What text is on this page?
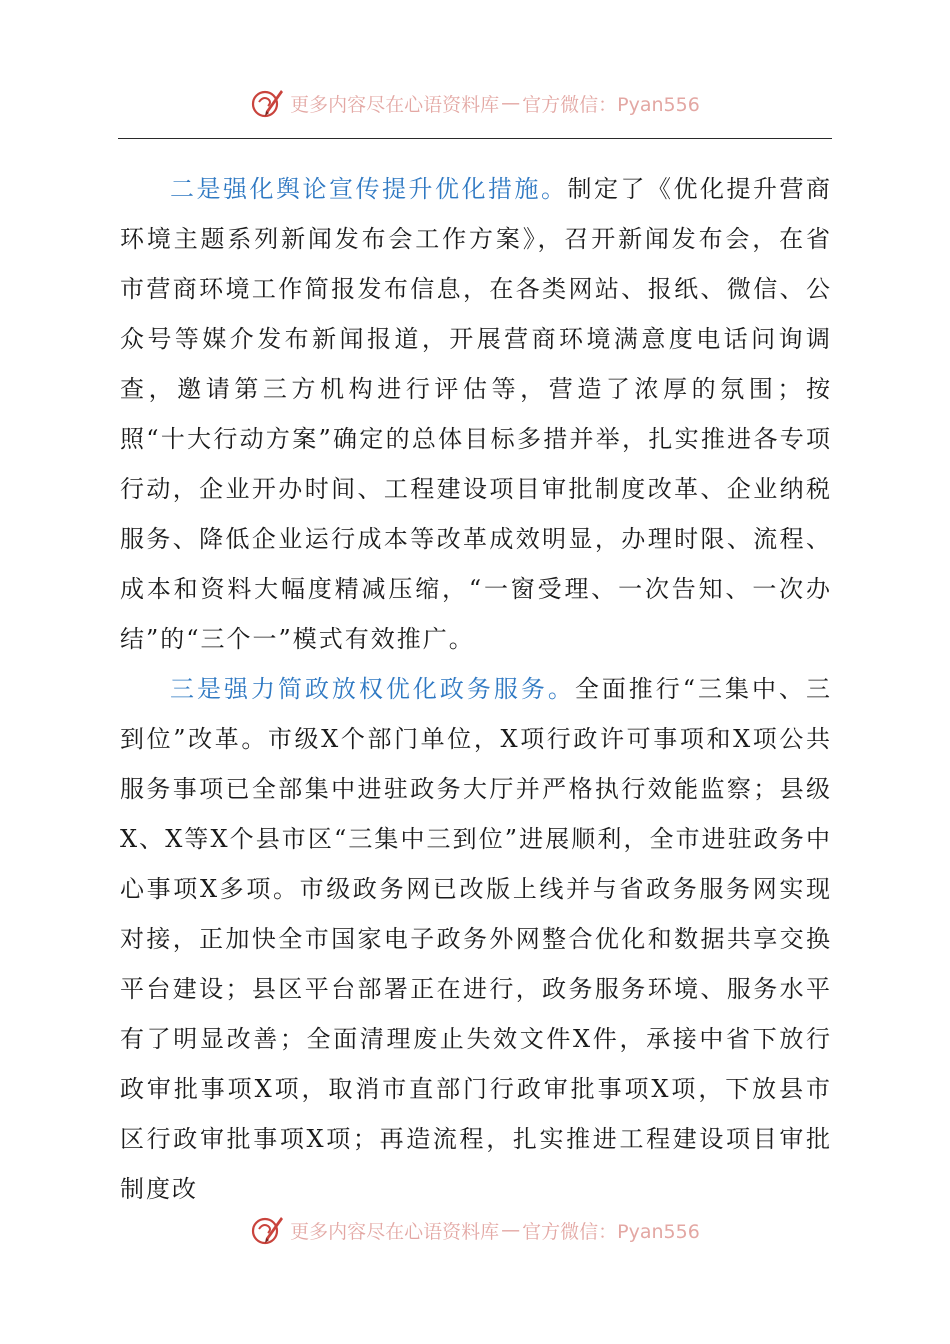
更多内容尽在心语资料库 — 官方微信：Pyan556

二是强化舆论宣传提升优化措施。制定了《优化提升营商环境主题系列新闻发布会工作方案》，召开新闻发布会，在省市营商环境工作简报发布信息，在各类网站、报纸、微信、公众号等媒介发布新闻报道，开展营商环境满意度电话问询调查，邀请第三方机构进行评估等，营造了浓厚的氛围；按照“十大行动方案”确定的总体目标多措并举，扎实推进各专项行动，企业开办时间、工程建设项目审批制度改革、企业纳税服务、降低企业运行成本等改革成效明显，办理时限、流程、成本和资料大幅度精减压缩，“一窗受理、一次告知、一次办结”的“三个一”模式有效推广。

三是强力简政放权优化政务服务。全面推行“三集中、三到位”改革。市级X个部门单位，X项行政许可事项和X项公共服务事项已全部集中进驻政务大厅并严格执行效能监察；县级X、X等X个县市区“三集中三到位”进展顺利，全市进驻政务中心事项X多项。市级政务网已改版上线并与省政务服务网实现对接，正加快全市国家电子政务外网整合优化和数据共享交换平台建设；县区平台部署正在进行，政务服务环境、服务水平有了明显改善；全面清理废止失效文件X件，承接中省下放行政审批事项X项，取消市直部门行政审批事项X项，下放县市区行政审批事项X项；再造流程，扎实推进工程建设项目审批制度改

更多内容尽在心语资料库 — 官方微信：Pyan556
